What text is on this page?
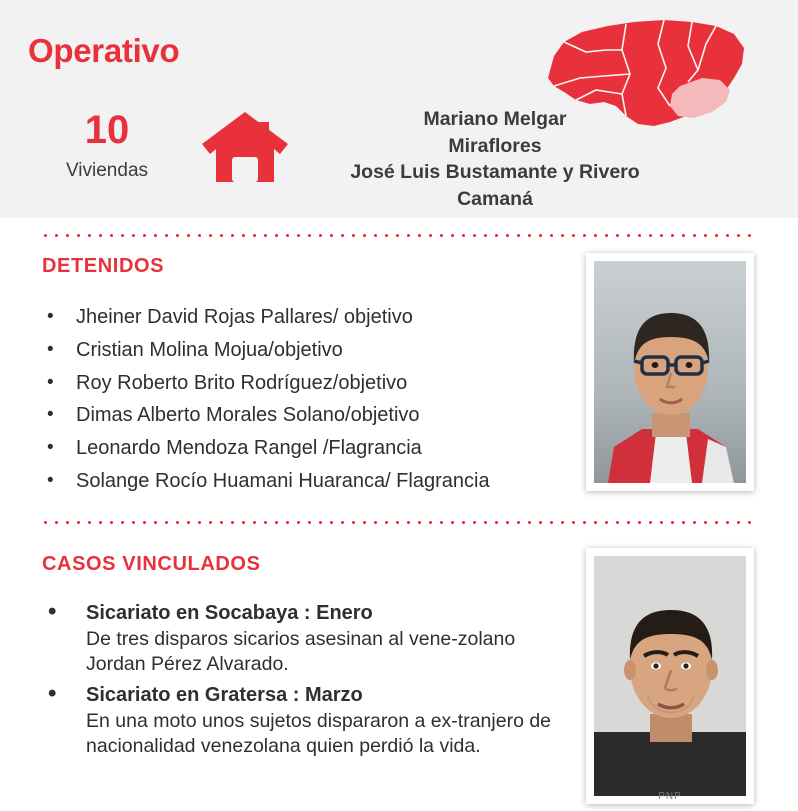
Operativo
10
Viviendas
Mariano Melgar
Miraflores
José Luis Bustamante y Rivero
Camaná
DETENIDOS
• Jheiner David Rojas Pallares/ objetivo
• Cristian Molina Mojua/objetivo
• Roy Roberto Brito Rodríguez/objetivo
• Dimas Alberto Morales Solano/objetivo
• Leonardo Mendoza Rangel /Flagrancia
• Solange Rocío Huamani Huaranca/ Flagrancia
CASOS VINCULADOS
• Sicariato en Socabaya : Enero
De tres disparos sicarios asesinan al vene-zolano Jordan Pérez Alvarado.
• Sicariato en Gratersa : Marzo
En una moto unos sujetos dispararon a ex-tranjero de nacionalidad venezolana quien perdió la vida.
PNP
